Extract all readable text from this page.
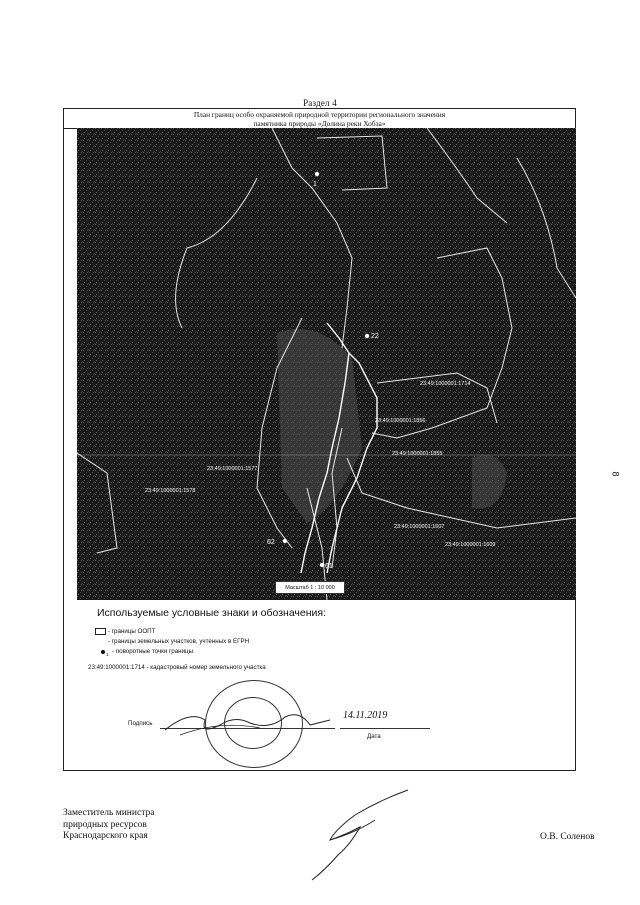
Раздел 4
План границ особо охраняемой природной территории регионального значения
памятника природы «Долина реки Хобза»
1
22
62
61
23:49:1000001:1714
23:49:1000001:1856
23:49:1000001:1855
23:49:1000001:1577
23:49:1000001:1578
23:49:1000001:1607
23:49:1000001:1609
Масштаб 1 : 10 000
Используемые условные знаки и обозначения:
- границы ООПТ
- границы земельных участков, учтенных в ЕГРН
1 - поворотные точки границы
23:49:1000001:1714 - кадастровый номер земельного участка

Подпись
14.11.2019
Дата
8
Заместитель министра
природных ресурсов
Краснодарского края	О.В. Соленов
